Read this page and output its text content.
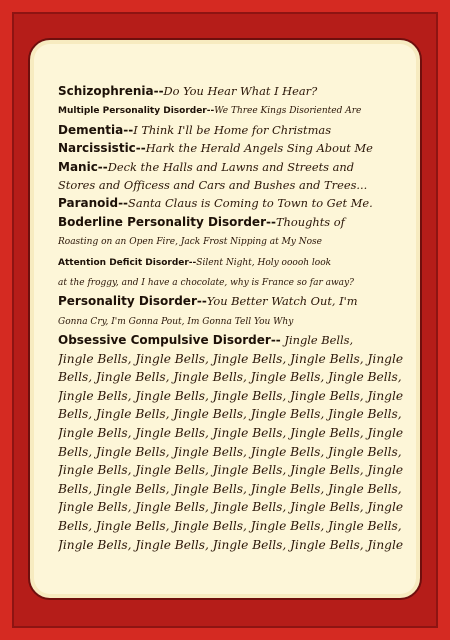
Schizophrenia--Do You Hear What I Hear?
Multiple Personality Disorder--We Three Kings Disoriented Are
Dementia--I Think I'll be Home for Christmas
Narcissistic--Hark the Herald Angels Sing About Me
Manic--Deck the Halls and Lawns and Streets and
Stores and Officess and Cars and Bushes and Trees...
Paranoid--Santa Claus is Coming to Town to Get Me.
Boderline Personality Disorder--Thoughts of
Roasting on an Open Fire, Jack Frost Nipping at My Nose
Attention Deficit Disorder--Silent Night, Holy ooooh look
at the froggy, and I have a chocolate, why is France so far away?
Personality Disorder--You Better Watch Out, I'm
Gonna Cry, I'm Gonna Pout, Im Gonna Tell You Why
Obsessive Compulsive Disorder-- Jingle Bells,
Jingle Bells, Jingle Bells, Jingle Bells, Jingle Bells, Jingle
Bells, Jingle Bells, Jingle Bells, Jingle Bells, Jingle Bells,
Jingle Bells, Jingle Bells, Jingle Bells, Jingle Bells, Jingle
Bells, Jingle Bells, Jingle Bells, Jingle Bells, Jingle Bells,
Jingle Bells, Jingle Bells, Jingle Bells, Jingle Bells, Jingle
Bells, Jingle Bells, Jingle Bells, Jingle Bells, Jingle Bells,
Jingle Bells, Jingle Bells, Jingle Bells, Jingle Bells, Jingle
Bells, Jingle Bells, Jingle Bells, Jingle Bells, Jingle Bells,
Jingle Bells, Jingle Bells, Jingle Bells, Jingle Bells, Jingle
Bells, Jingle Bells, Jingle Bells, Jingle Bells, Jingle Bells,
Jingle Bells, Jingle Bells, Jingle Bells, Jingle Bells, Jingle
